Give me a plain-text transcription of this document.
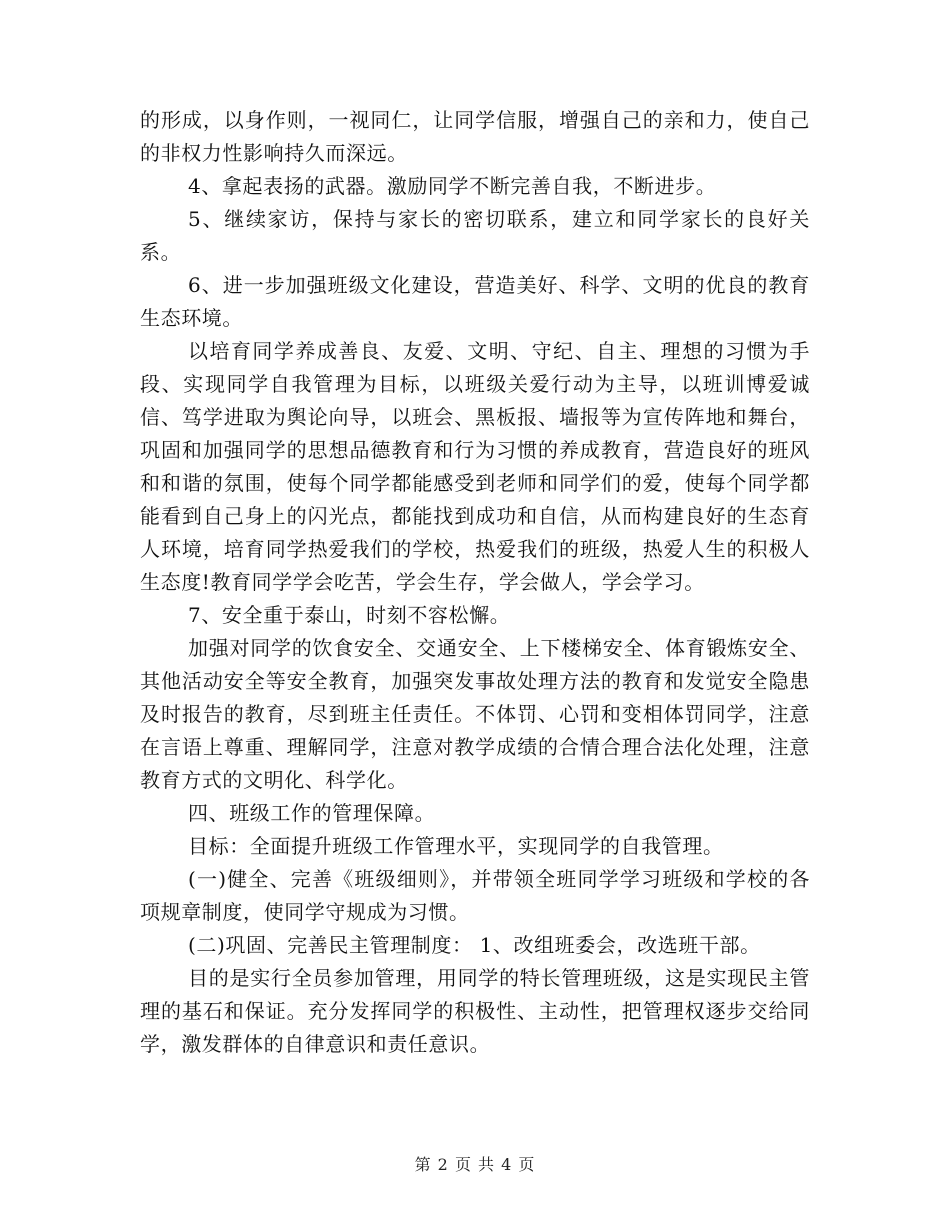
的形成，以身作则，一视同仁，让同学信服，增强自己的亲和力，使自己的非权力性影响持久而深远。

4、拿起表扬的武器。激励同学不断完善自我，不断进步。

5、继续家访，保持与家长的密切联系，建立和同学家长的良好关系。

6、进一步加强班级文化建设，营造美好、科学、文明的优良的教育生态环境。

以培育同学养成善良、友爱、文明、守纪、自主、理想的习惯为手段、实现同学自我管理为目标，以班级关爱行动为主导，以班训博爱诚信、笃学进取为舆论向导，以班会、黑板报、墙报等为宣传阵地和舞台，巩固和加强同学的思想品德教育和行为习惯的养成教育，营造良好的班风和和谐的氛围，使每个同学都能感受到老师和同学们的爱，使每个同学都能看到自己身上的闪光点，都能找到成功和自信，从而构建良好的生态育人环境，培育同学热爱我们的学校，热爱我们的班级，热爱人生的积极人生态度!教育同学学会吃苦，学会生存，学会做人，学会学习。

7、安全重于泰山，时刻不容松懈。

加强对同学的饮食安全、交通安全、上下楼梯安全、体育锻炼安全、其他活动安全等安全教育，加强突发事故处理方法的教育和发觉安全隐患及时报告的教育，尽到班主任责任。不体罚、心罚和变相体罚同学，注意在言语上尊重、理解同学，注意对教学成绩的合情合理合法化处理，注意教育方式的文明化、科学化。

四、班级工作的管理保障。

目标：全面提升班级工作管理水平，实现同学的自我管理。

(一)健全、完善《班级细则》，并带领全班同学学习班级和学校的各项规章制度，使同学守规成为习惯。

(二)巩固、完善民主管理制度： 1、改组班委会，改选班干部。

目的是实行全员参加管理，用同学的特长管理班级，这是实现民主管理的基石和保证。充分发挥同学的积极性、主动性，把管理权逐步交给同学，激发群体的自律意识和责任意识。

第 2 页 共 4 页
